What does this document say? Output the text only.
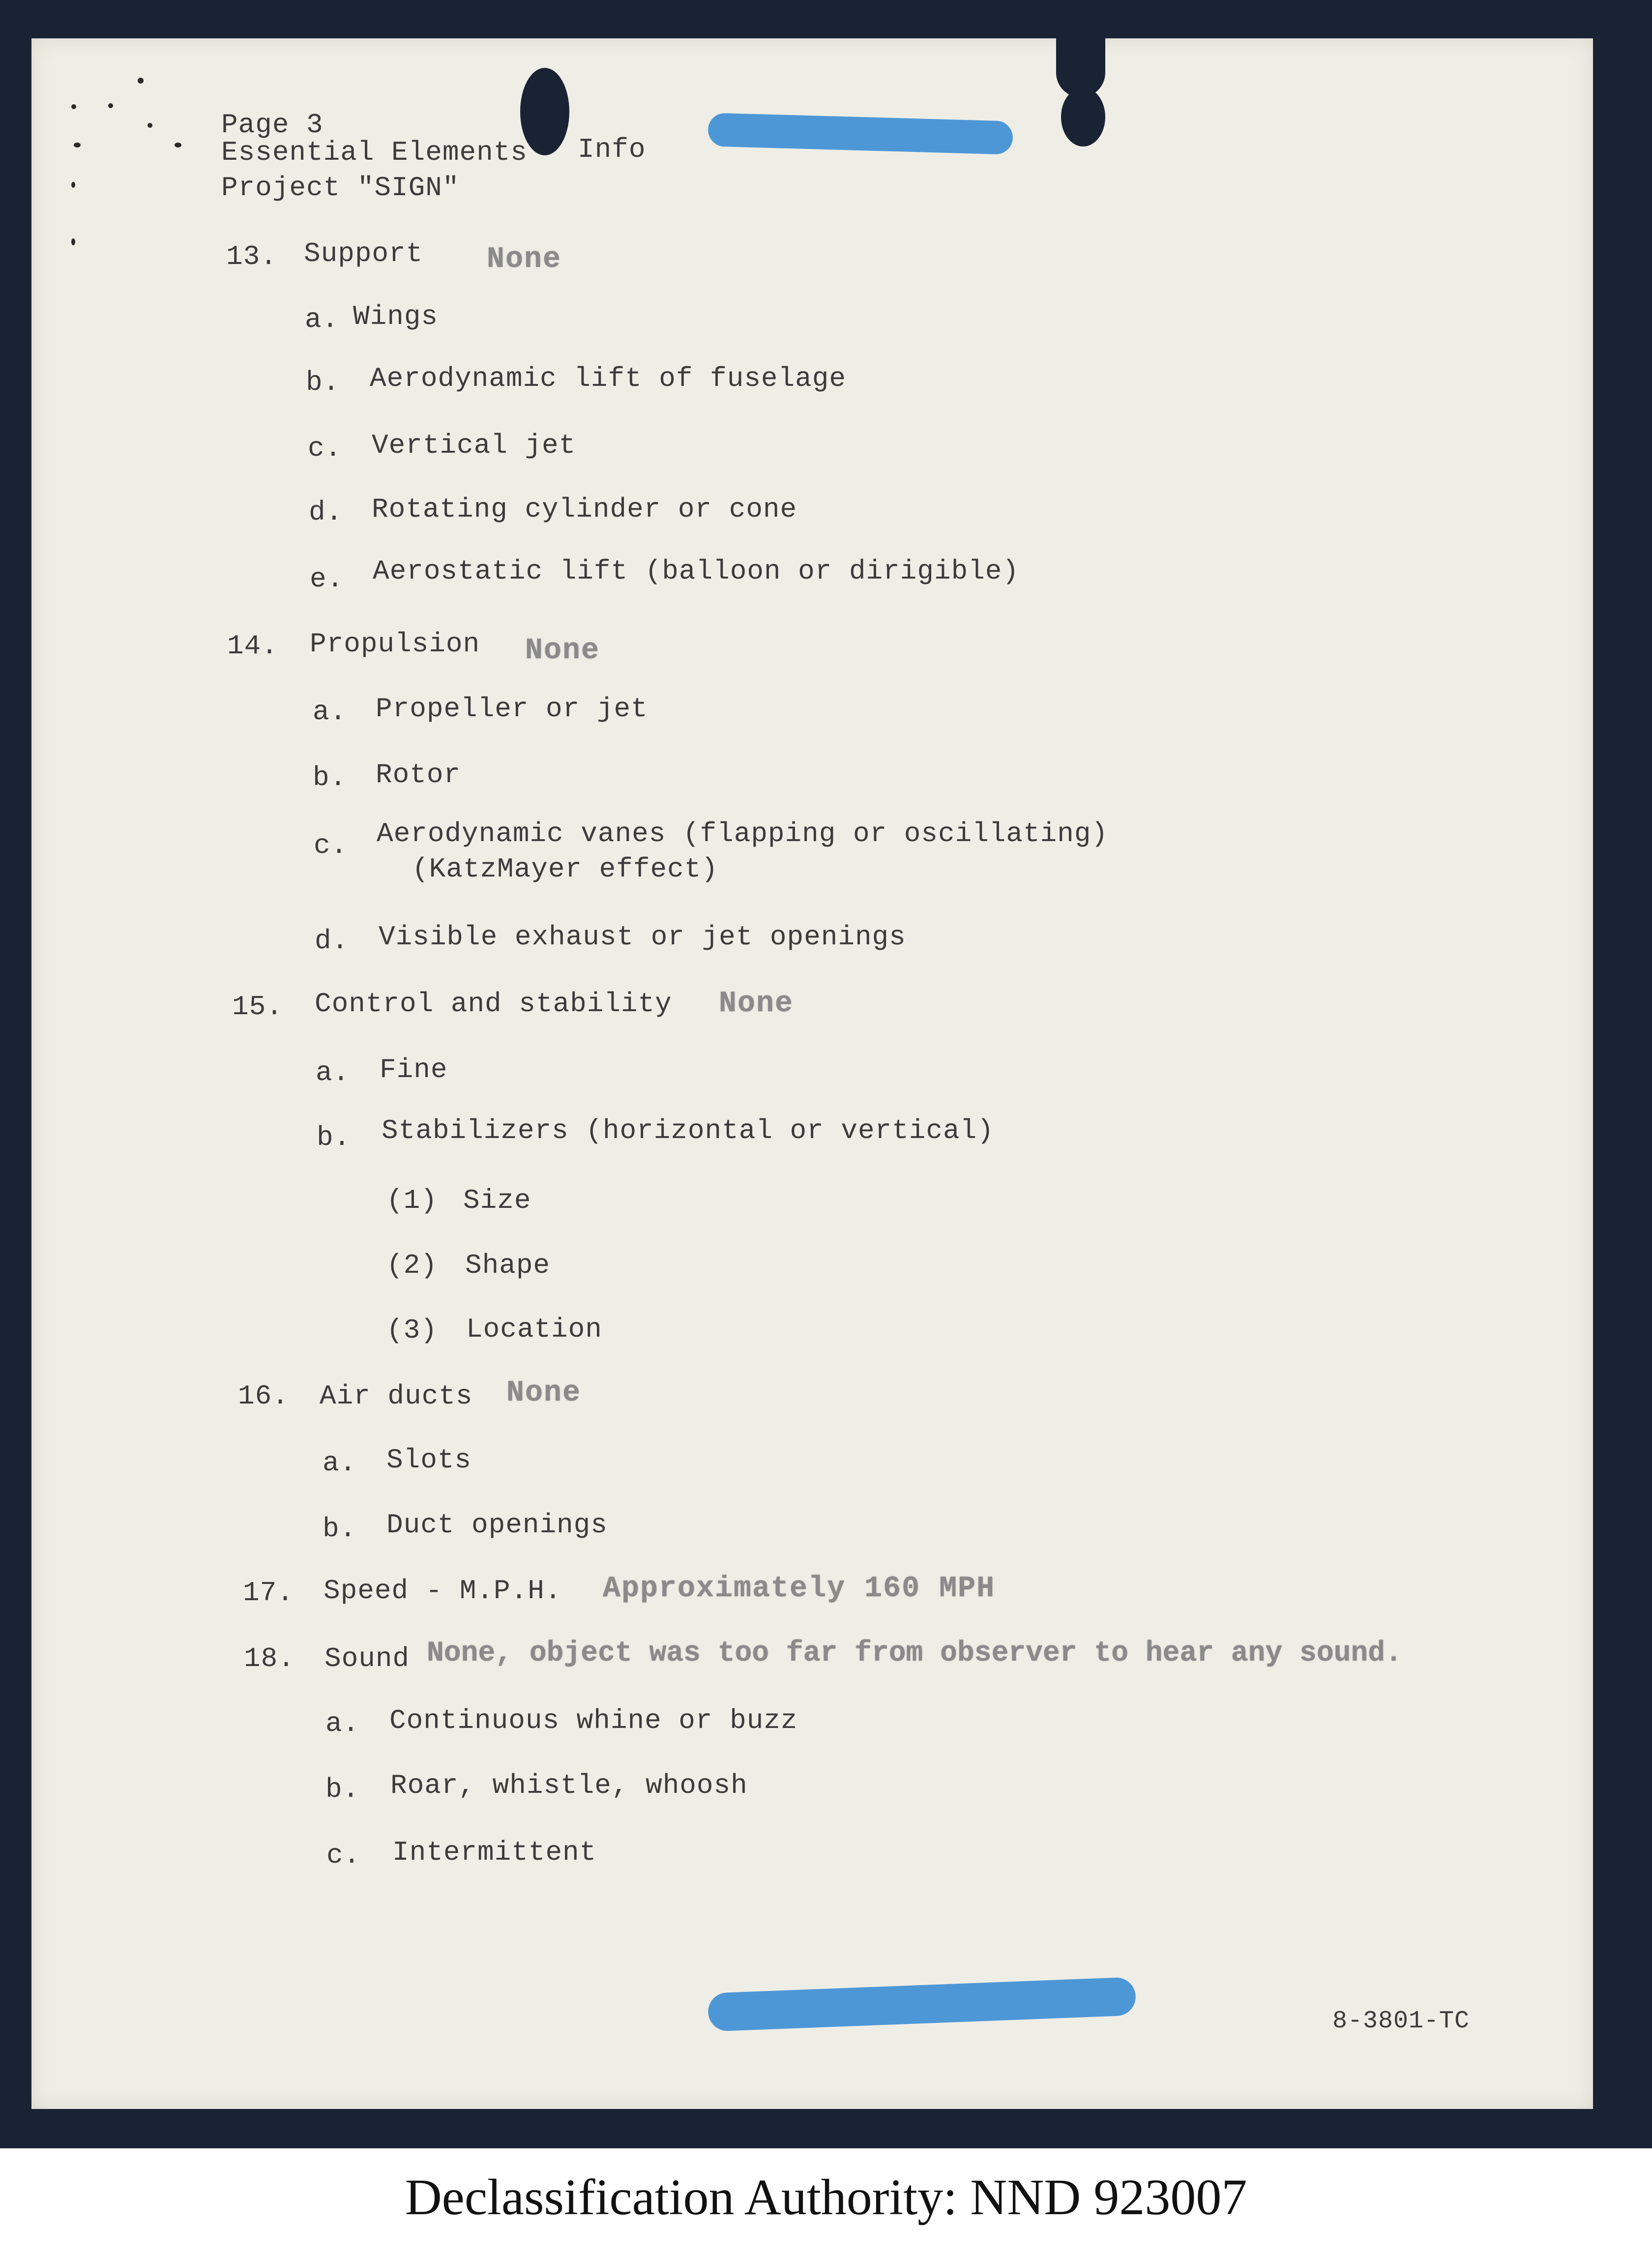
Page 3
Essential Elements Info
Project "SIGN"
13. Support None
a. Wings
b. Aerodynamic lift of fuselage
c. Vertical jet
d. Rotating cylinder or cone
e. Aerostatic lift (balloon or dirigible)
14. Propulsion None
a. Propeller or jet
b. Rotor
c. Aerodynamic vanes (flapping or oscillating)
(KatzMayer effect)
d. Visible exhaust or jet openings
15. Control and stability None
a. Fine
b. Stabilizers (horizontal or vertical)
(1) Size
(2) Shape
(3) Location
16. Air ducts None
a. Slots
b. Duct openings
17. Speed - M.P.H. Approximately 160 MPH
18. Sound None, object was too far from observer to hear any sound.
a. Continuous whine or buzz
b. Roar, whistle, whoosh
c. Intermittent
8-3801-TC
Declassification Authority: NND 923007
